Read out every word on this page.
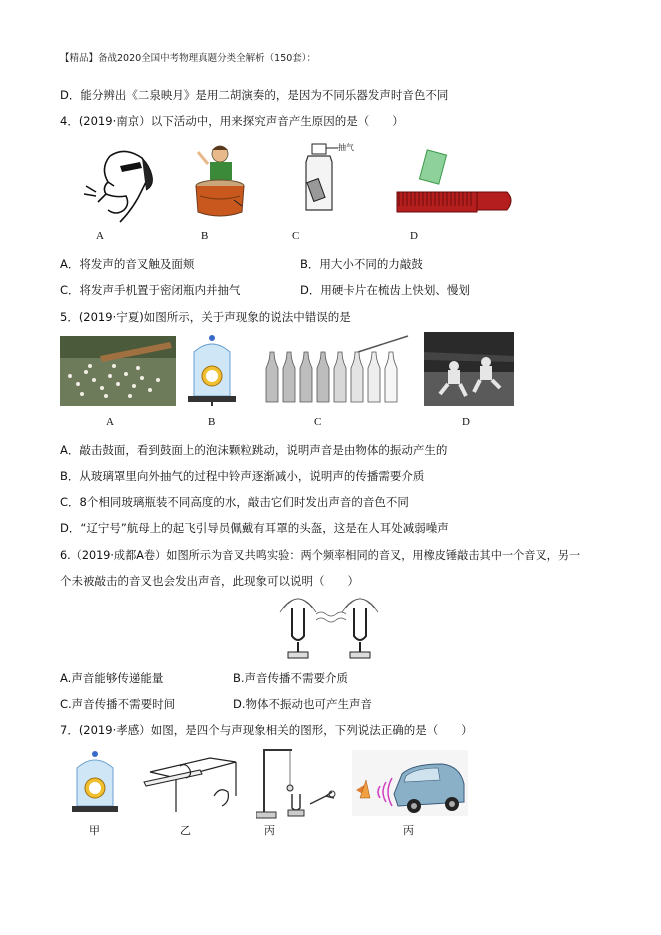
【精品】备战2020全国中考物理真题分类全解析（150套）：
D．能分辨出《二泉映月》是用二胡演奏的，是因为不同乐器发声时音色不同
4．(2019·南京）以下活动中，用来探究声音产生原因的是（　　）
A	B
抽气
C	D
A．将发声的音叉触及面颊	B．用大小不同的力敲鼓
C．将发声手机置于密闭瓶内并抽气	D．用硬卡片在梳齿上快划、慢划
5．(2019·宁夏)如图所示，关于声现象的说法中错误的是
A	B	C	D
A．敲击鼓面，看到鼓面上的泡沫颗粒跳动，说明声音是由物体的振动产生的
B．从玻璃罩里向外抽气的过程中铃声逐渐减小，说明声的传播需要介质
C．8个相同玻璃瓶装不同高度的水，敲击它们时发出声音的音色不同
D．“辽宁号”航母上的起飞引导员佩戴有耳罩的头盔，这是在人耳处减弱噪声
6.（2019·成都A卷）如图所示为音叉共鸣实验：两个频率相同的音叉，用橡皮锤敲击其中一个音叉，另一
个未被敲击的音叉也会发出声音，此现象可以说明（　　）
A.声音能够传递能量	B.声音传播不需要介质
C.声音传播不需要时间	D.物体不振动也可产生声音
7．(2019·孝感）如图，是四个与声现象相关的图形，下列说法正确的是（　　）
甲	乙	丙	丙
